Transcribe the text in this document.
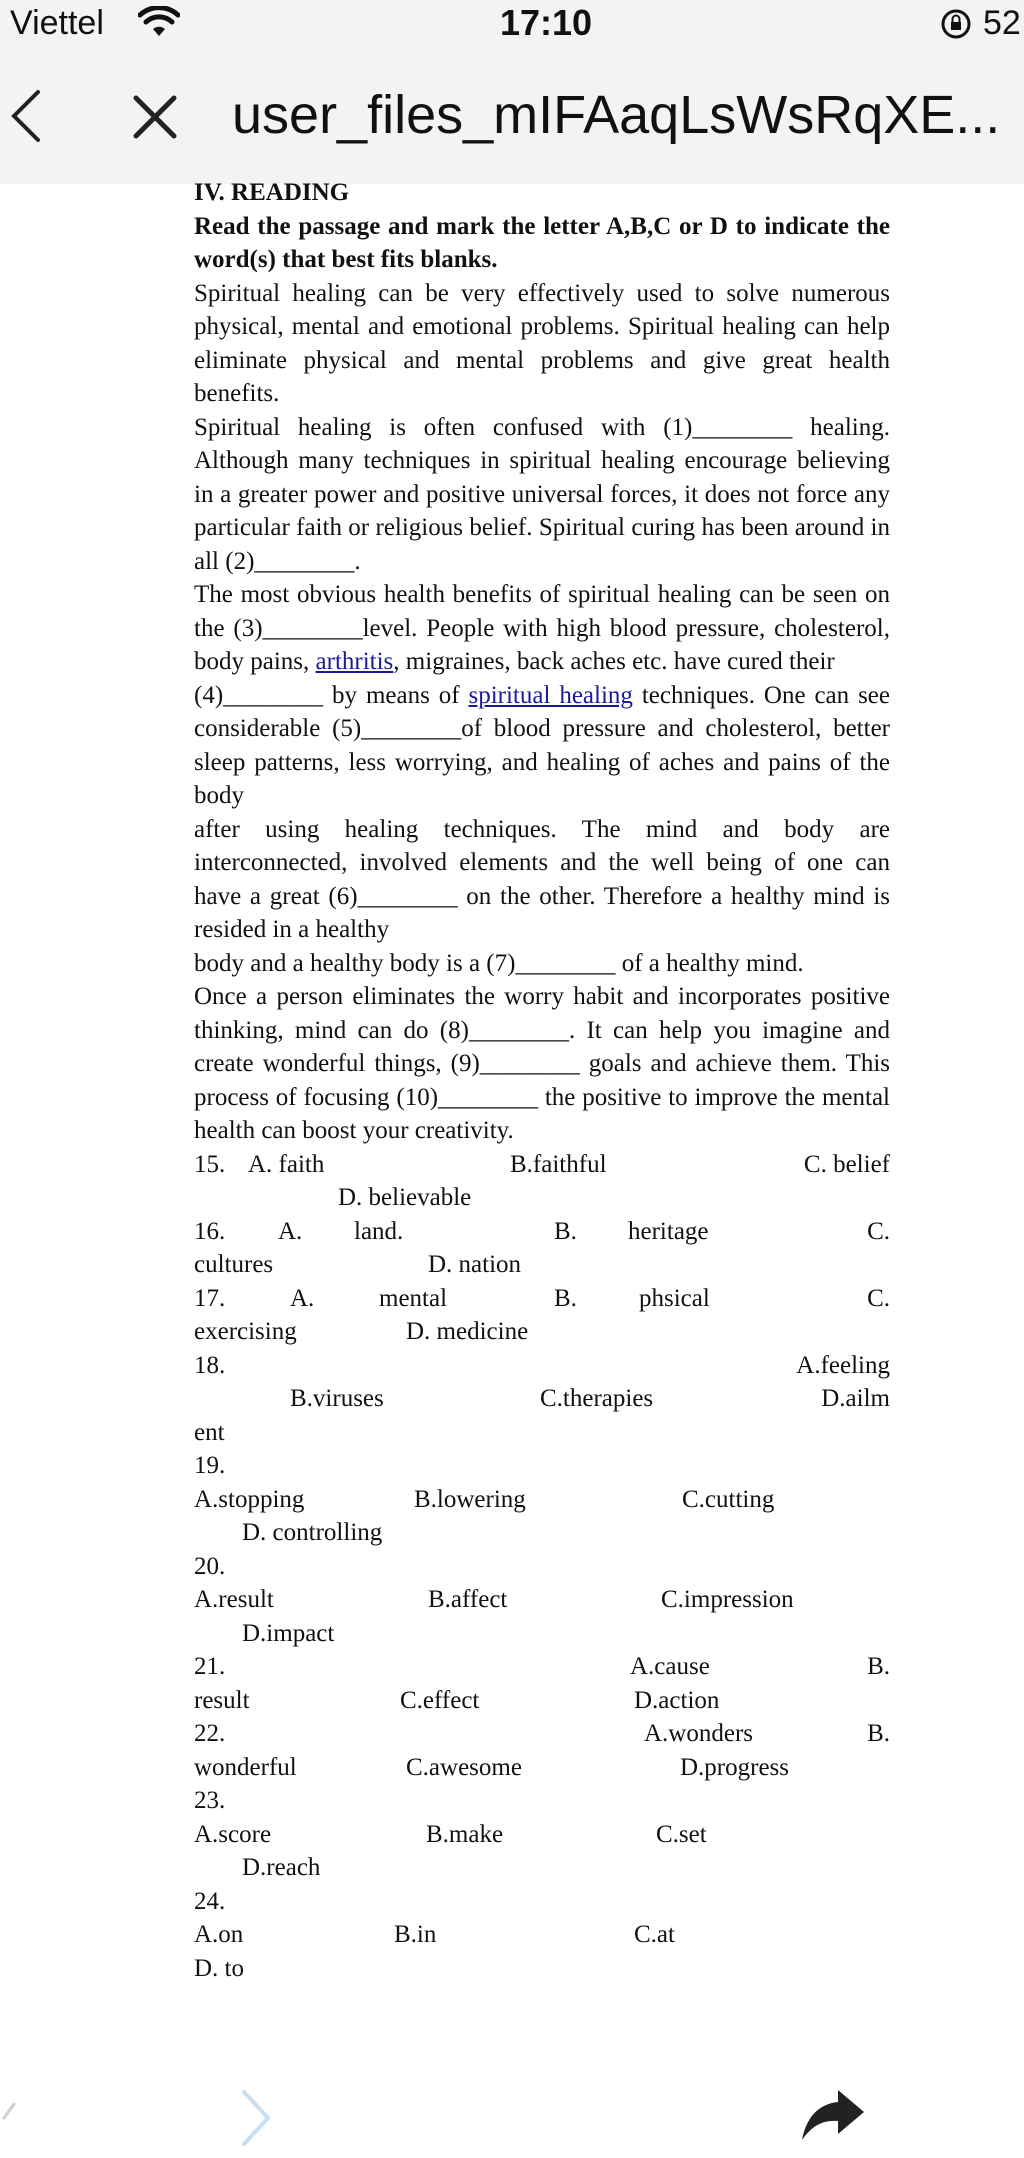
Viettel	17:10	52
user_files_mIFAaqLsWsRqXE...
IV. READING
Read the passage and mark the letter A,B,C or D to indicate the word(s) that best fits blanks.

Spiritual healing can be very effectively used to solve numerous physical, mental and emotional problems. Spiritual healing can help eliminate physical and mental problems and give great health benefits.

Spiritual healing is often confused with (1)________ healing. Although many techniques in spiritual healing encourage believing in a greater power and positive universal forces, it does not force any particular faith or religious belief. Spiritual curing has been around in all (2)________.

The most obvious health benefits of spiritual healing can be seen on the (3)________level. People with high blood pressure, cholesterol, body pains, arthritis, migraines, back aches etc. have cured their

(4)________ by means of spiritual healing techniques. One can see considerable (5)________of blood pressure and cholesterol, better sleep patterns, less worrying, and healing of aches and pains of the body

after using healing techniques. The mind and body are interconnected, involved elements and the well being of one can have a great (6)________ on the other. Therefore a healthy mind is resided in a healthy

body and a healthy body is a (7)________ of a healthy mind.

Once a person eliminates the worry habit and incorporates positive thinking, mind can do (8)________. It can help you imagine and create wonderful things, (9)________ goals and achieve them. This process of focusing (10)________ the positive to improve the mental health can boost your creativity.

15. A. faith	B.faithful	C. belief
D. believable
16. A. land.	B. heritage	C.
cultures	D. nation
17.	A.	mental	B. phsical	C.
exercising	D. medicine
18.	A.feeling
B.viruses	C.therapies	D.ailm
ent
19.
A.stopping	B.lowering	C.cutting
D. controlling
20.
A.result	B.affect	C.impression
D.impact
21.	A.cause	B.
result	C.effect	D.action
22.	A.wonders	B.
wonderful	C.awesome	D.progress
23.
A.score	B.make	C.set
D.reach
24.
A.on	B.in	C.at
D. to
